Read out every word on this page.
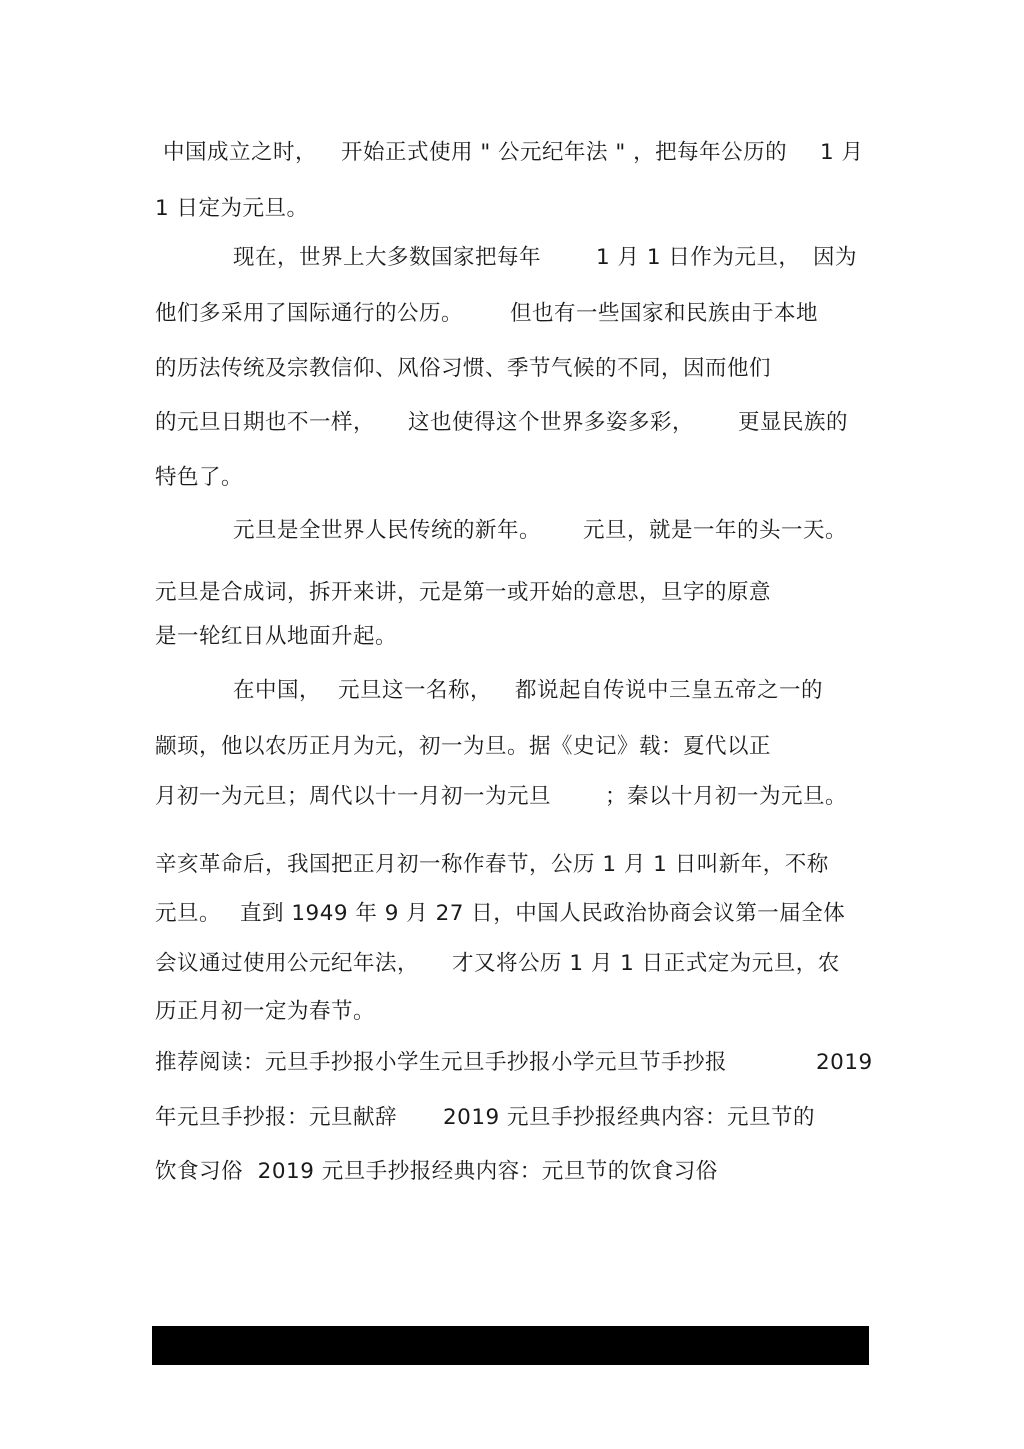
中国成立之时，

开始正式使用 " 公元纪年法 " ，把每年公历的

1 月

1 日定为元旦。

现在，世界上大多数国家把每年

	1 月 1 日作为元旦，

因为

他们多采用了国际通行的公历。

但也有一些国家和民族由于本地

的历法传统及宗教信仰、风俗习惯、季节气候的不同，因而他们

的元旦日期也不一样，

这也使得这个世界多姿多彩，

更显民族的

特色了。

元旦是全世界人民传统的新年。

元旦，就是一年的头一天。

元旦是合成词，拆开来讲，元是第一或开始的意思，旦字的原意

是一轮红日从地面升起。

在中国，

元旦这一名称，

都说起自传说中三皇五帝之一的

颛顼，他以农历正月为元，初一为旦。据《史记》载：夏代以正

月初一为元旦；周代以十一月初一为元旦

	；秦以十月初一为元旦。

辛亥革命后，我国把正月初一称作春节，公历 1 月 1 日叫新年，不称

元旦。

直到 1949 年 9 月 27 日，中国人民政治协商会议第一届全体

会议通过使用公元纪年法，

才又将公历 1 月 1 日正式定为元旦，农

历正月初一定为春节。

推荐阅读：元旦手抄报小学生元旦手抄报小学元旦节手抄报

	2019

年元旦手抄报：元旦献辞

2019 元旦手抄报经典内容：元旦节的

饮食习俗  2019 元旦手抄报经典内容：元旦节的饮食习俗
